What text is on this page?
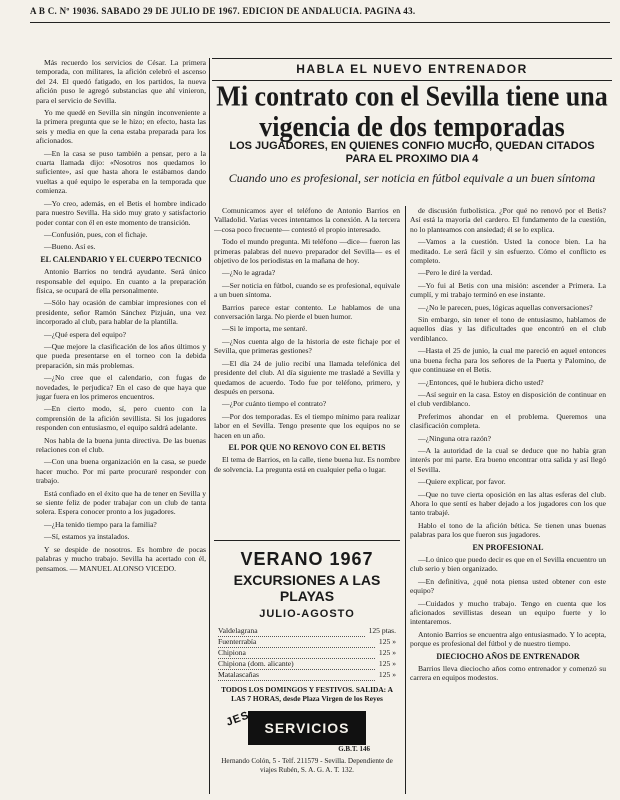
A B C. Nº 19036. SABADO 29 DE JULIO DE 1967. EDICION DE ANDALUCIA. PAGINA 43.

Más recuerdo los servicios de César. La primera temporada, con militares, la afición celebró el ascenso del 24. El quedó fatigado, en los partidos, la nueva afición puso le agregó substancias que ahí vinieron, para el servicio de Sevilla.

Yo me quedé en Sevilla sin ningún inconveniente a la primera pregunta que se le hizo; en efecto, hasta las seis y media en que la cena estaba preparada para los aficionados.

—En la casa se puso también a pensar, pero a la cuarta llamada dijo: «Nosotros nos quedamos lo suficiente», así que hasta ahora le estábamos dando vueltas a qué equipo le esperaba en la temporada que comienza.

—Yo creo, además, en el Betis el hombre indicado para nuestro Sevilla. Ha sido muy grato y satisfactorio poder contar con él en este momento de transición.

—Confusión, pues, con el fichaje.

—Bueno. Así es.

EL CALENDARIO Y EL CUERPO TECNICO

Antonio Barrios no tendrá ayudante. Será único responsable del equipo. En cuanto a la preparación física, se ocupará de ella personalmente.

—Sólo hay ocasión de cambiar impresiones con el presidente, señor Ramón Sánchez Pizjuán, una vez incorporado al club, para hablar de la plantilla.

—¿Qué espera del equipo?

—Que mejore la clasificación de los años últimos y que pueda presentarse en el torneo con la debida preparación, sin más problemas.

—¿No cree que el calendario, con fugas de novedades, le perjudica? En el caso de que haya que jugar fuera en los primeros encuentros.

—En cierto modo, sí, pero cuento con la comprensión de la afición sevillista. Si los jugadores responden con entusiasmo, el equipo saldrá adelante.

Nos habla de la buena junta directiva. De las buenas relaciones con el club.

—Con una buena organización en la casa, se puede hacer mucho. Por mi parte procuraré responder con trabajo.

Está confiado en el éxito que ha de tener en Sevilla y se siente feliz de poder trabajar con un club de tanta solera. Espera conocer pronto a los jugadores.

—¿Ha tenido tiempo para la familia?

—Sí, estamos ya instalados.

Y se despide de nosotros. Es hombre de pocas palabras y mucho trabajo. Sevilla ha acertado con él, pensamos. — MANUEL ALONSO VICEDO.

HABLA EL NUEVO ENTRENADOR
Mi contrato con el Sevilla tiene una vigencia de dos temporadas
LOS JUGADORES, EN QUIENES CONFIO MUCHO, QUEDAN CITADOS PARA EL PROXIMO DIA 4
Cuando uno es profesional, ser noticia en fútbol equivale a un buen síntoma

Comunicamos ayer el teléfono de Antonio Barrios en Valladolid. Varias veces intentamos la conexión. A la tercera —cosa poco frecuente— contestó el propio interesado.

Todo el mundo pregunta. Mi teléfono —dice— fueron las primeras palabras del nuevo preparador del Sevilla— es el objetivo de los periodistas en la mañana de hoy.

—¿No le agrada?

—Ser noticia en fútbol, cuando se es profesional, equivale a un buen síntoma.

Barrios parece estar contento. Le hablamos de una conversación larga. No pierde el buen humor.

—Si le importa, me sentaré.

—¿Nos cuenta algo de la historia de este fichaje por el Sevilla, que primeras gestiones?

—El día 24 de julio recibí una llamada telefónica del presidente del club. Al día siguiente me trasladé a Sevilla y quedamos de acuerdo. Todo fue por teléfono, primero, y después en persona.

—¿Por cuánto tiempo el contrato?

—Por dos temporadas. Es el tiempo mínimo para realizar labor en el Sevilla. Tengo presente que los equipos no se hacen en un año.

EL POR QUE NO RENOVO CON EL BETIS

El tema de Barrios, en la calle, tiene buena luz. Es nombre de solvencia. La pregunta está en cualquier peña o lugar.

de discusión futbolística. ¿Por qué no renovó por el Betis? Así está la mayoría del cardero. El fundamento de la cuestión, no lo planteamos con ansiedad; él se lo explica.

—Vamos a la cuestión. Usted la conoce bien. La ha meditado. Le será fácil y sin esfuerzo. Cómo el conflicto es completo.

—Pero le diré la verdad.

—Yo fui al Betis con una misión: ascender a Primera. La cumplí, y mi trabajo terminó en ese instante.

—¿No le parecen, pues, lógicas aquellas conversaciones?

Sin embargo, sin tener el tono de entusiasmo, hablamos de aquellos días y las dificultades que encontró en el club verdiblanco.

—Hasta el 25 de junio, la cual me pareció en aquel entonces una buena fecha para los señores de la Puerta y Palomino, de que continuase en el Betis.

—¿Entonces, qué le hubiera dicho usted?

—Así seguir en la casa. Estoy en disposición de continuar en el club verdiblanco.

Preferimos ahondar en el problema. Queremos una clasificación completa.

—¿Ninguna otra razón?

—A la autoridad de la cual se deduce que no había gran interés por mi parte. Era bueno encontrar otra salida y así llegó el Sevilla.

—Quiere explicar, por favor.

—Que no tuve cierta oposición en las altas esferas del club. Ahora lo que sentí es haber dejado a los jugadores con los que tanto trabajé.

Hablo el tono de la afición bética. Se tienen unas buenas palabras para los que fueron sus jugadores.

EN PROFESIONAL

—Lo único que puedo decir es que en el Sevilla encuentro un club serio y bien organizado.

—En definitiva, ¿qué nota piensa usted obtener con este equipo?

—Cuidados y mucho trabajo. Tengo en cuenta que los aficionados sevillistas desean un equipo fuerte y lo intentaremos.

Antonio Barrios se encuentra algo entusiasmado. Y lo acepta, porque es profesional del fútbol y de nuestro tiempo.

DIECIOCHO AÑOS DE ENTRENADOR

Barrios lleva dieciocho años como entrenador y comenzó su carrera en equipos modestos.

VERANO 1967
EXCURSIONES A LAS PLAYAS
JULIO-AGOSTO
Valdelagrana	125 ptas.
Fuenterrabía	125 »
Chipiona	125 »
Chipiona (dom. alicante)	125 »
Matalascañas	125 »
TODOS LOS DOMINGOS Y FESTIVOS. SALIDA: A LAS 7 HORAS, desde Plaza Virgen de los Reyes
JES SERVICIOS
G.B.T. 146
Hernando Colón, 5 - Telf. 211579 - Sevilla. Dependiente de viajes Rubén, S. A. G. A. T. 132.
